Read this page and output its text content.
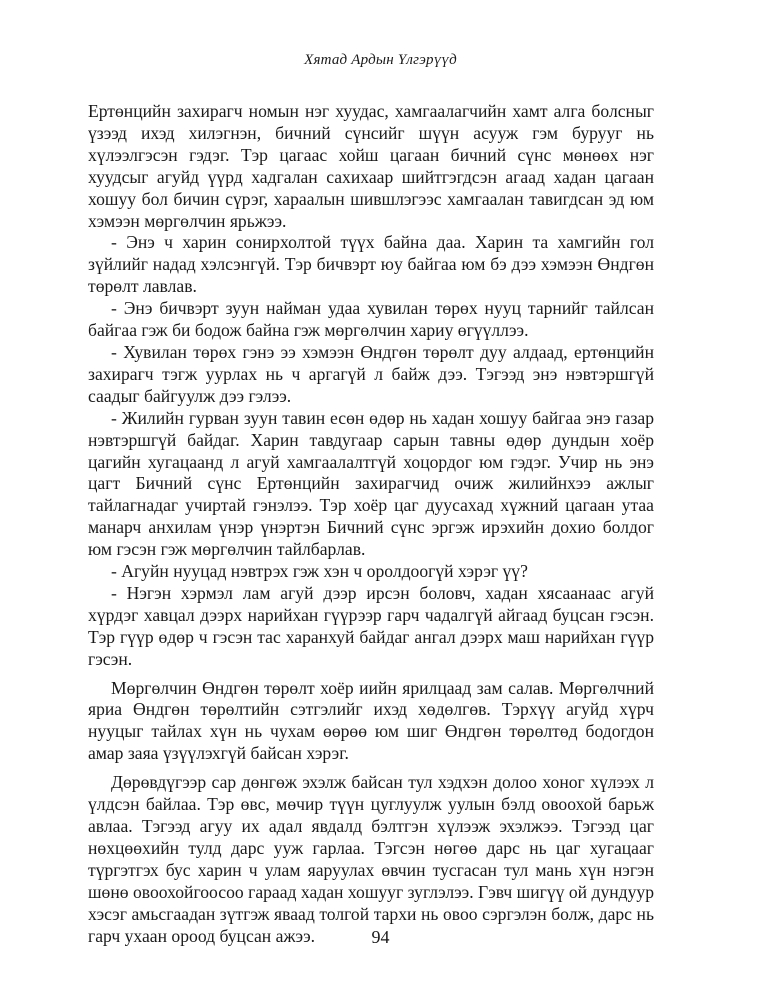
Хятад Ардын Үлгэрүүд

Ертөнцийн захирагч номын нэг хуудас, хамгаалагчийн хамт алга болсныг үзээд ихэд хилэгнэн, бичний сүнсийг шүүн асууж гэм бурууг нь хүлээлгэсэн гэдэг. Тэр цагаас хойш цагаан бичний сүнс мөнөөх нэг хуудсыг агуйд үүрд хадгалан сахихаар шийтгэгдсэн агаад хадан цагаан хошуу бол бичин сүрэг, хараалын шившлэгээс хамгаалан тавигдсан эд юм хэмээн мөргөлчин ярьжээ.

- Энэ ч харин сонирхолтой түүх байна даа. Харин та хамгийн гол зүйлийг надад хэлсэнгүй. Тэр бичвэрт юу байгаа юм бэ дээ хэмээн Өндгөн төрөлт лавлав.

- Энэ бичвэрт зуун найман удаа хувилан төрөх нууц тарнийг тайлсан байгаа гэж би бодож байна гэж мөргөлчин хариу өгүүллээ.

- Хувилан төрөх гэнэ ээ хэмээн Өндгөн төрөлт дуу алдаад, ертөнцийн захирагч тэгж уурлах нь ч аргагүй л байж дээ. Тэгээд энэ нэвтэршгүй саадыг байгуулж дээ гэлээ.

- Жилийн гурван зуун тавин есөн өдөр нь хадан хошуу байгаа энэ газар нэвтэршгүй байдаг. Харин тавдугаар сарын тавны өдөр дундын хоёр цагийн хугацаанд л агуй хамгаалалтгүй хоцордог юм гэдэг. Учир нь энэ цагт Бичний сүнс Ертөнцийн захирагчид очиж жилийнхээ ажлыг тайлагнадаг учиртай гэнэлээ. Тэр хоёр цаг дуусахад хүжний цагаан утаа манарч анхилам үнэр үнэртэн Бичний сүнс эргэж ирэхийн дохио болдог юм гэсэн гэж мөргөлчин тайлбарлав.

- Агуйн нууцад нэвтрэх гэж хэн ч оролдоогүй хэрэг үү?

- Нэгэн хэрмэл лам агуй дээр ирсэн боловч, хадан хясаанаас агуй хүрдэг хавцал дээрх нарийхан гүүрээр гарч чадалгүй айгаад буцсан гэсэн. Тэр гүүр өдөр ч гэсэн тас харанхуй байдаг ангал дээрх маш нарийхан гүүр гэсэн.

Мөргөлчин Өндгөн төрөлт хоёр иийн ярилцаад зам салав. Мөргөлчний яриа Өндгөн төрөлтийн сэтгэлийг ихэд хөдөлгөв. Тэрхүү агуйд хүрч нууцыг тайлах хүн нь чухам өөрөө юм шиг Өндгөн төрөлтөд бодогдон амар заяа үзүүлэхгүй байсан хэрэг.

Дөрөвдүгээр сар дөнгөж эхэлж байсан тул хэдхэн долоо хоног хүлээх л үлдсэн байлаа. Тэр өвс, мөчир түүн цуглуулж уулын бэлд овоохой барьж авлаа. Тэгээд агуу их адал явдалд бэлтгэн хүлээж эхэлжээ. Тэгээд цаг нөхцөөхийн тулд дарс ууж гарлаа. Тэгсэн нөгөө дарс нь цаг хугацааг түргэтгэх бус харин ч улам яаруулах өвчин тусгасан тул мань хүн нэгэн шөнө овоохойгоосоо гараад хадан хошууг зуглэлээ. Гэвч шигүү ой дундуур хэсэг амьсгаадан зүтгэж яваад толгой тархи нь овоо сэргэлэн болж, дарс нь гарч ухаан ороод буцсан ажээ.	94
